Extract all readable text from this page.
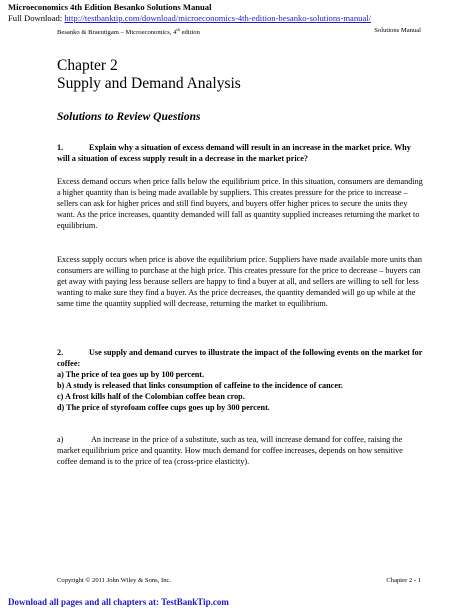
Microeconomics 4th Edition Besanko Solutions Manual
Full Download: http://testbanktip.com/download/microeconomics-4th-edition-besanko-solutions-manual/
Besanko & Braeutigam – Microeconomics, 4th edition	Solutions Manual
Chapter 2
Supply and Demand Analysis
Solutions to Review Questions
1.	Explain why a situation of excess demand will result in an increase in the market price. Why will a situation of excess supply result in a decrease in the market price?
Excess demand occurs when price falls below the equilibrium price. In this situation, consumers are demanding a higher quantity than is being made available by suppliers. This creates pressure for the price to increase – sellers can ask for higher prices and still find buyers, and buyers offer higher prices to secure the units they want. As the price increases, quantity demanded will fall as quantity supplied increases returning the market to equilibrium.
Excess supply occurs when price is above the equilibrium price. Suppliers have made available more units than consumers are willing to purchase at the high price. This creates pressure for the price to decrease – buyers can get away with paying less because sellers are happy to find a buyer at all, and sellers are willing to sell for less wanting to make sure they find a buyer. As the price decreases, the quantity demanded will go up while at the same time the quantity supplied will decrease, returning the market to equilibrium.
2.	Use supply and demand curves to illustrate the impact of the following events on the market for coffee:
a) The price of tea goes up by 100 percent.
b) A study is released that links consumption of caffeine to the incidence of cancer.
c) A frost kills half of the Colombian coffee bean crop.
d) The price of styrofoam coffee cups goes up by 300 percent.
a)	An increase in the price of a substitute, such as tea, will increase demand for coffee, raising the market equilibrium price and quantity. How much demand for coffee increases, depends on how sensitive coffee demand is to the price of tea (cross-price elasticity).
Copyright © 2011 John Wiley & Sons, Inc.	Chapter 2 - 1
Download all pages and all chapters at: TestBankTip.com
